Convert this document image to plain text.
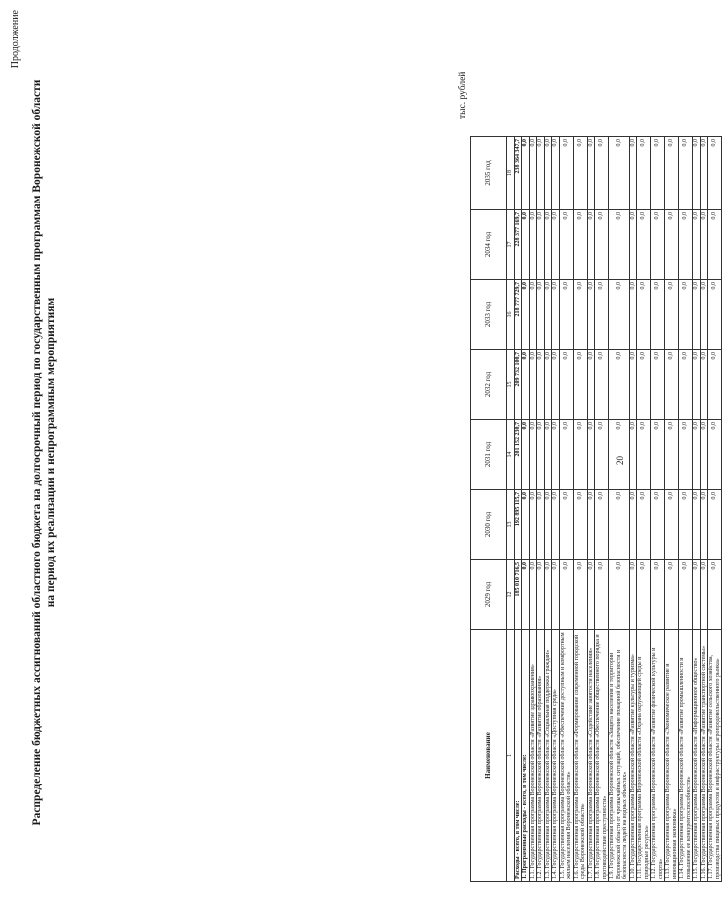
20
Продолжение
Распределение бюджетных ассигнований областного бюджета на долгосрочный период по государственным программам Воронежской области на период их реализации и непрограммным мероприятиям
тыс. рублей
Наименование	2029 год	2030 год	2031 год	2032 год	2033 год	2034 год	2035 год
1	12	13	14	15	16	17	18
Расходы - всего, в том числе:	185 010 716,5	192 895 115,7	201 152 230,7	209 732 100,7	218 777 729,7	228 377 169,7	238 364 347,7
1. Программные расходы - всего, в том числе:	0,0	0,0	0,0	0,0	0,0	0,0	0,0
1.1. Государственная программа Воронежской области «Развитие здравоохранения»	0,0	0,0	0,0	0,0	0,0	0,0	0,0
1.2. Государственная программа Воронежской области «Развитие образования»	0,0	0,0	0,0	0,0	0,0	0,0	0,0
1.3. Государственная программа Воронежской области «Социальная поддержка граждан»	0,0	0,0	0,0	0,0	0,0	0,0	0,0
1.4. Государственная программа Воронежской области «Доступная среда»	0,0	0,0	0,0	0,0	0,0	0,0	0,0
1.5. Государственная программа Воронежской области «Обеспечение доступным и комфортным жильем населения Воронежской области»	0,0	0,0	0,0	0,0	0,0	0,0	0,0
1.6. Государственная программа Воронежской области «Формирование современной городской среды Воронежской области»	0,0	0,0	0,0	0,0	0,0	0,0	0,0
1.7. Государственная программа Воронежской области «Содействие занятости населения»	0,0	0,0	0,0	0,0	0,0	0,0	0,0
1.8. Государственная программа Воронежской области «Обеспечение общественного порядка и противодействие преступности»	0,0	0,0	0,0	0,0	0,0	0,0	0,0
1.9. Государственная программа Воронежской области «Защита населения и территории Воронежской области от чрезвычайных ситуаций, обеспечение пожарной безопасности и безопасности людей на водных объектах»	0,0	0,0	0,0	0,0	0,0	0,0	0,0
1.10. Государственная программа Воронежской области «Развитие культуры и туризма»	0,0	0,0	0,0	0,0	0,0	0,0	0,0
1.11. Государственная программа Воронежской области «Охрана окружающей среды и природные ресурсы»	0,0	0,0	0,0	0,0	0,0	0,0	0,0
1.12. Государственная программа Воронежской области «Развитие физической культуры и спорта»	0,0	0,0	0,0	0,0	0,0	0,0	0,0
1.13. Государственная программа Воронежской области «Экономическое развитие и инновационная экономика»	0,0	0,0	0,0	0,0	0,0	0,0	0,0
1.14. Государственная программа Воронежской области «Развитие промышленности и повышение ее конкурентоспособности»	0,0	0,0	0,0	0,0	0,0	0,0	0,0
1.15. Государственная программа Воронежской области «Информационное общество»	0,0	0,0	0,0	0,0	0,0	0,0	0,0
1.16. Государственная программа Воронежской области «Развитие транспортной системы»	0,0	0,0	0,0	0,0	0,0	0,0	0,0
1.17. Государственная программа Воронежской области «Развитие сельского хозяйства, производства пищевых продуктов и инфраструктуры агропродовольственного рынка»	0,0	0,0	0,0	0,0	0,0	0,0	0,0
